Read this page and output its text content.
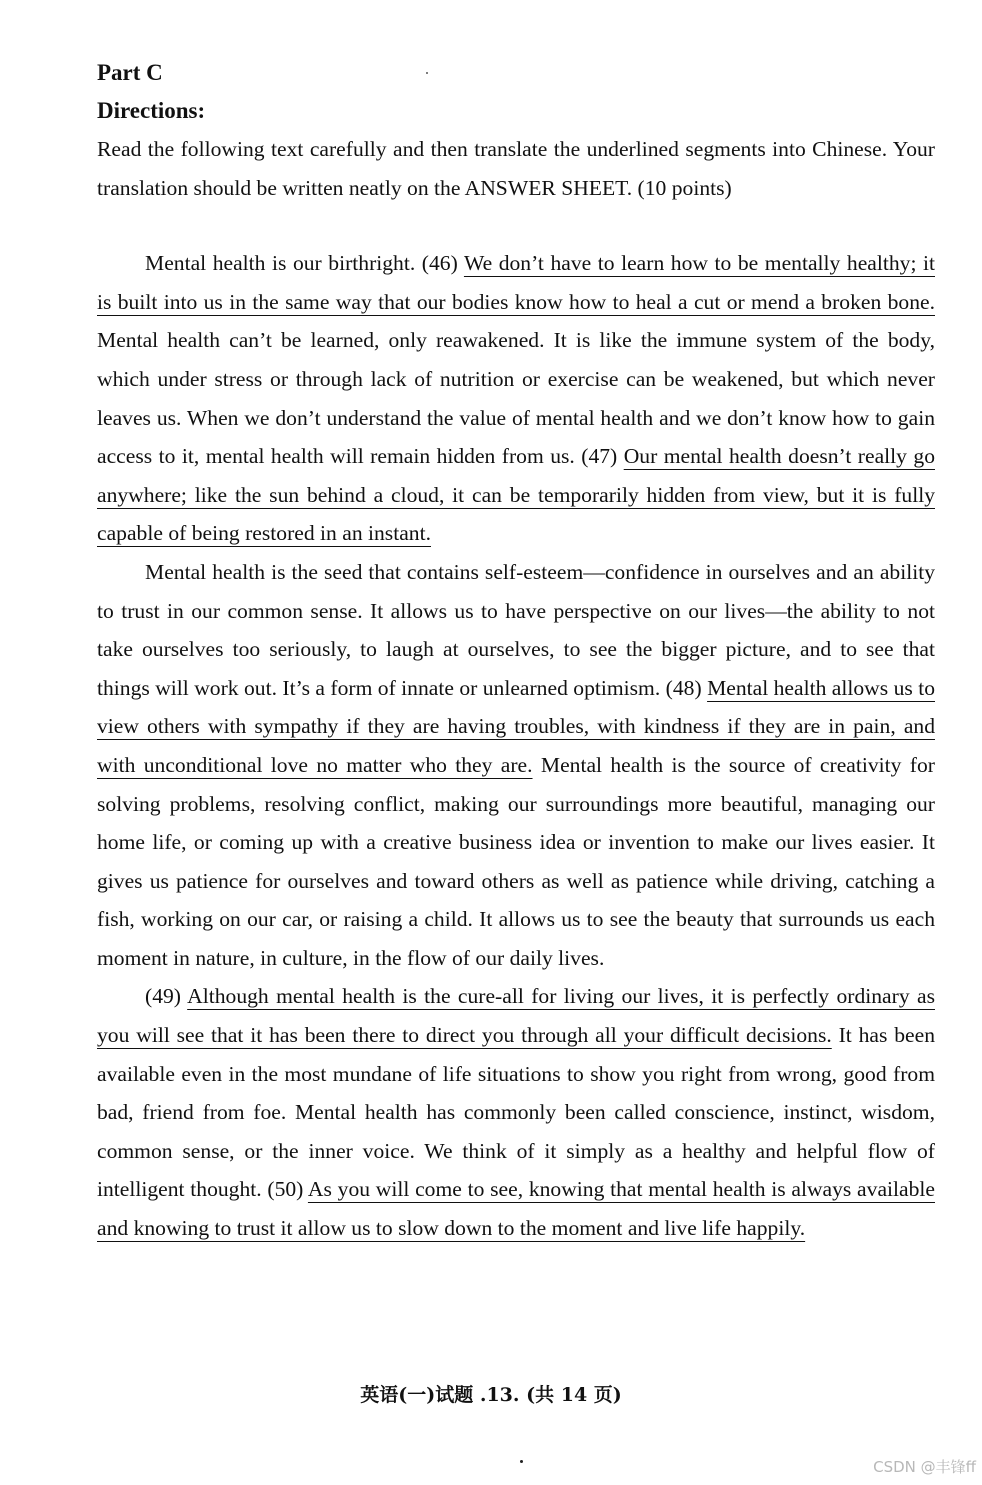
Part C

Directions:

Read the following text carefully and then translate the underlined segments into Chinese. Your translation should be written neatly on the ANSWER SHEET. (10 points)

Mental health is our birthright. (46) We don’t have to learn how to be mentally healthy; it is built into us in the same way that our bodies know how to heal a cut or mend a broken bone. Mental health can’t be learned, only reawakened. It is like the immune system of the body, which under stress or through lack of nutrition or exercise can be weakened, but which never leaves us. When we don’t understand the value of mental health and we don’t know how to gain access to it, mental health will remain hidden from us. (47) Our mental health doesn’t really go anywhere; like the sun behind a cloud, it can be temporarily hidden from view, but it is fully capable of being restored in an instant.

Mental health is the seed that contains self-esteem—confidence in ourselves and an ability to trust in our common sense. It allows us to have perspective on our lives—the ability to not take ourselves too seriously, to laugh at ourselves, to see the bigger picture, and to see that things will work out. It’s a form of innate or unlearned optimism. (48) Mental health allows us to view others with sympathy if they are having troubles, with kindness if they are in pain, and with unconditional love no matter who they are. Mental health is the source of creativity for solving problems, resolving conflict, making our surroundings more beautiful, managing our home life, or coming up with a creative business idea or invention to make our lives easier. It gives us patience for ourselves and toward others as well as patience while driving, catching a fish, working on our car, or raising a child. It allows us to see the beauty that surrounds us each moment in nature, in culture, in the flow of our daily lives.

(49) Although mental health is the cure-all for living our lives, it is perfectly ordinary as you will see that it has been there to direct you through all your difficult decisions. It has been available even in the most mundane of life situations to show you right from wrong, good from bad, friend from foe. Mental health has commonly been called conscience, instinct, wisdom, common sense, or the inner voice. We think of it simply as a healthy and helpful flow of intelligent thought. (50) As you will come to see, knowing that mental health is always available and knowing to trust it allow us to slow down to the moment and live life happily.

英语(一)试题 .13. (共 14 页)
CSDN @丰锋ff
